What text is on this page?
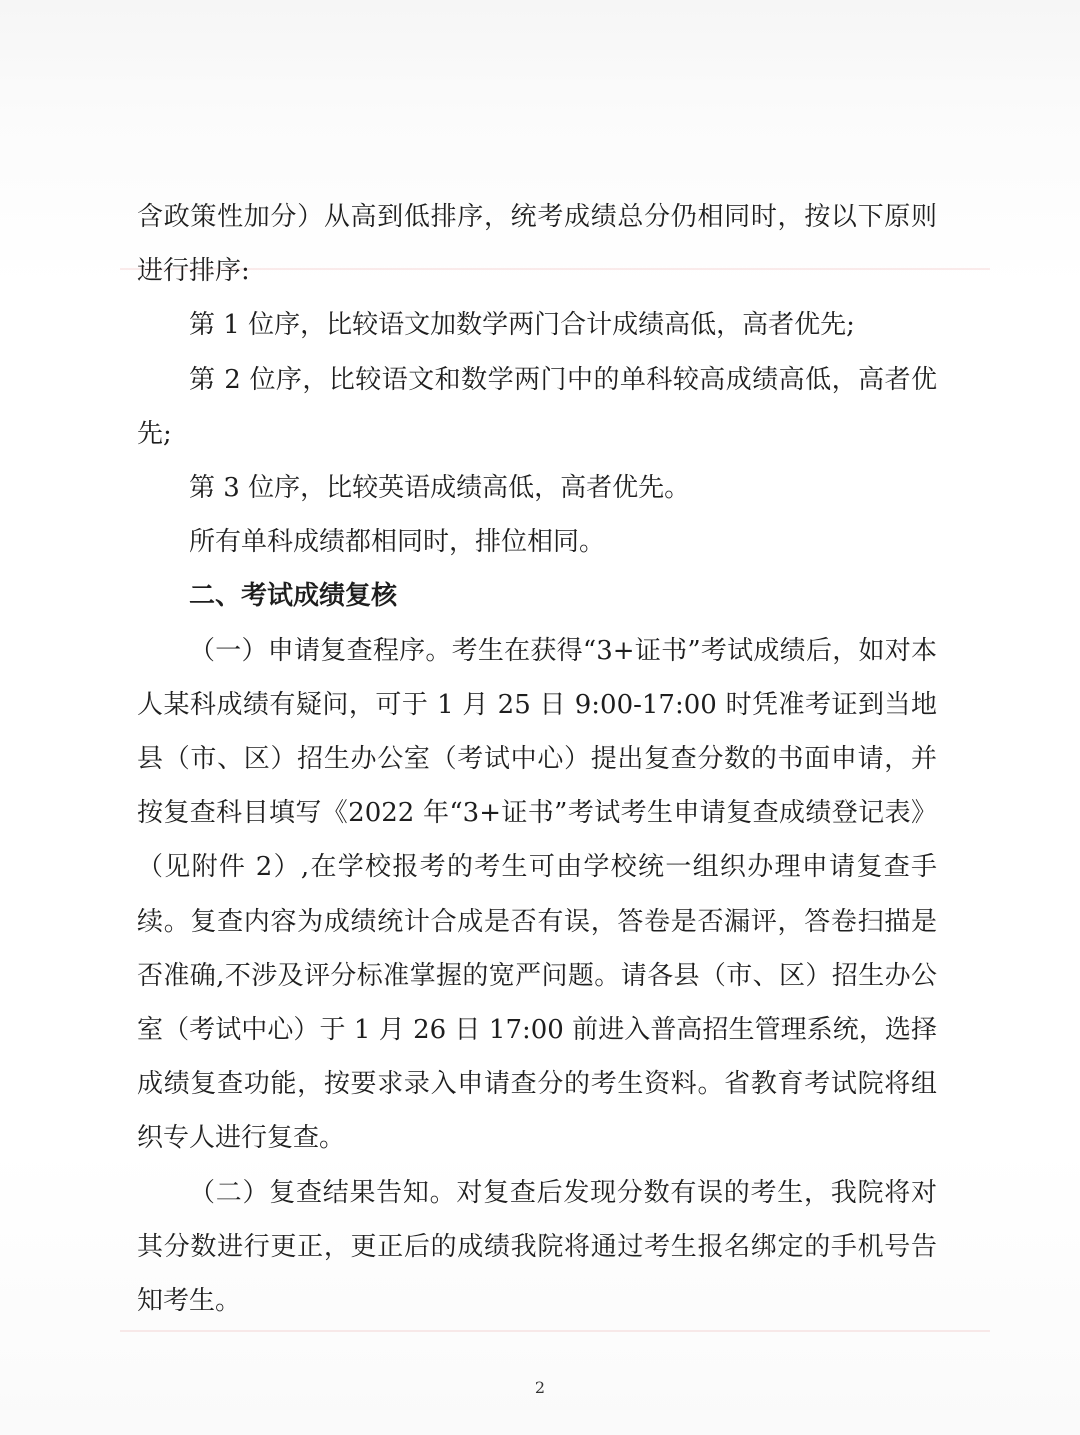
含政策性加分）从高到低排序，统考成绩总分仍相同时，按以下原则进行排序:

第 1 位序，比较语文加数学两门合计成绩高低，高者优先;

第 2 位序，比较语文和数学两门中的单科较高成绩高低，高者优先;

第 3 位序，比较英语成绩高低，高者优先。

所有单科成绩都相同时，排位相同。

二、考试成绩复核

（一）申请复查程序。考生在获得“3+证书”考试成绩后，如对本人某科成绩有疑问，可于 1 月 25 日 9:00-17:00 时凭准考证到当地县（市、区）招生办公室（考试中心）提出复查分数的书面申请，并按复查科目填写《2022 年“3+证书”考试考生申请复查成绩登记表》（见附件 2）,在学校报考的考生可由学校统一组织办理申请复查手续。复查内容为成绩统计合成是否有误，答卷是否漏评，答卷扫描是否准确,不涉及评分标准掌握的宽严问题。请各县（市、区）招生办公室（考试中心）于 1 月 26 日 17:00 前进入普高招生管理系统，选择成绩复查功能，按要求录入申请查分的考生资料。省教育考试院将组织专人进行复查。

（二）复查结果告知。对复查后发现分数有误的考生，我院将对其分数进行更正，更正后的成绩我院将通过考生报名绑定的手机号告知考生。

2
